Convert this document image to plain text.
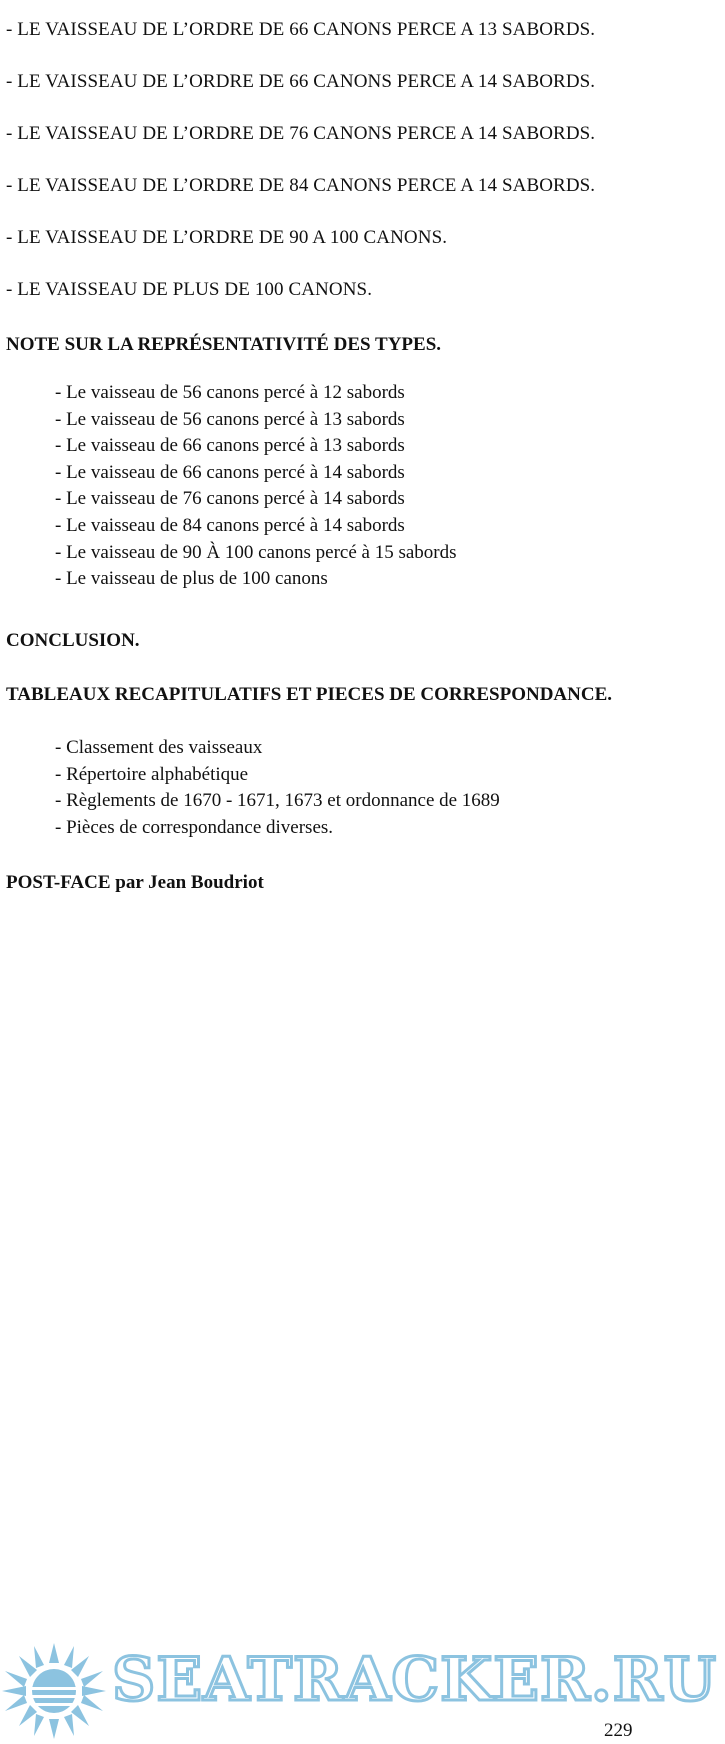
- LE VAISSEAU DE L’ORDRE DE 66 CANONS PERCE A 13 SABORDS.
- LE VAISSEAU DE L’ORDRE DE 66 CANONS PERCE A 14 SABORDS.
- LE VAISSEAU DE L’ORDRE DE 76 CANONS PERCE A 14 SABORDS.
- LE VAISSEAU DE L’ORDRE DE 84 CANONS PERCE A 14 SABORDS.
- LE VAISSEAU DE L’ORDRE DE 90 A 100 CANONS.
- LE VAISSEAU DE PLUS DE 100 CANONS.
NOTE SUR LA REPRÉSENTATIVITÉ DES TYPES.
- Le vaisseau de 56 canons percé à 12 sabords
- Le vaisseau de 56 canons percé à 13 sabords
- Le vaisseau de 66 canons percé à 13 sabords
- Le vaisseau de 66 canons percé à 14 sabords
- Le vaisseau de 76 canons percé à 14 sabords
- Le vaisseau de 84 canons percé à 14 sabords
- Le vaisseau de 90 À 100 canons percé à 15 sabords
- Le vaisseau de plus de 100 canons
CONCLUSION.
TABLEAUX RECAPITULATIFS ET PIECES DE CORRESPONDANCE.
- Classement des vaisseaux
- Répertoire alphabétique
- Règlements de 1670 - 1671, 1673 et ordonnance de 1689
- Pièces de correspondance diverses.
POST-FACE par Jean Boudriot
SEATRACKER.RU
229
